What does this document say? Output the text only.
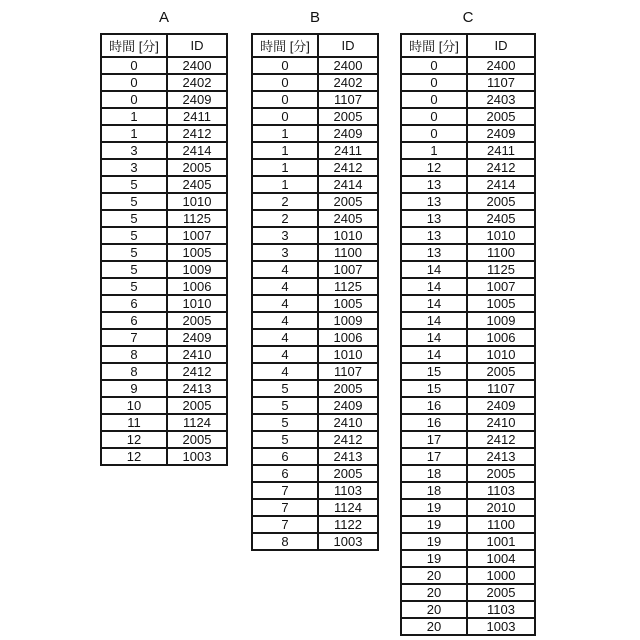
A
時間 [分]	ID
0	2400
0	2402
0	2409
1	2411
1	2412
3	2414
3	2005
5	2405
5	1010
5	1125
5	1007
5	1005
5	1009
5	1006
6	1010
6	2005
7	2409
8	2410
8	2412
9	2413
10	2005
11	1124
12	2005
12	1003
B
時間 [分]	ID
0	2400
0	2402
0	1107
0	2005
1	2409
1	2411
1	2412
1	2414
2	2005
2	2405
3	1010
3	1100
4	1007
4	1125
4	1005
4	1009
4	1006
4	1010
4	1107
5	2005
5	2409
5	2410
5	2412
6	2413
6	2005
7	1103
7	1124
7	1122
8	1003
C
時間 [分]	ID
0	2400
0	1107
0	2403
0	2005
0	2409
1	2411
12	2412
13	2414
13	2005
13	2405
13	1010
13	1100
14	1125
14	1007
14	1005
14	1009
14	1006
14	1010
15	2005
15	1107
16	2409
16	2410
17	2412
17	2413
18	2005
18	1103
19	2010
19	1100
19	1001
19	1004
20	1000
20	2005
20	1103
20	1003
